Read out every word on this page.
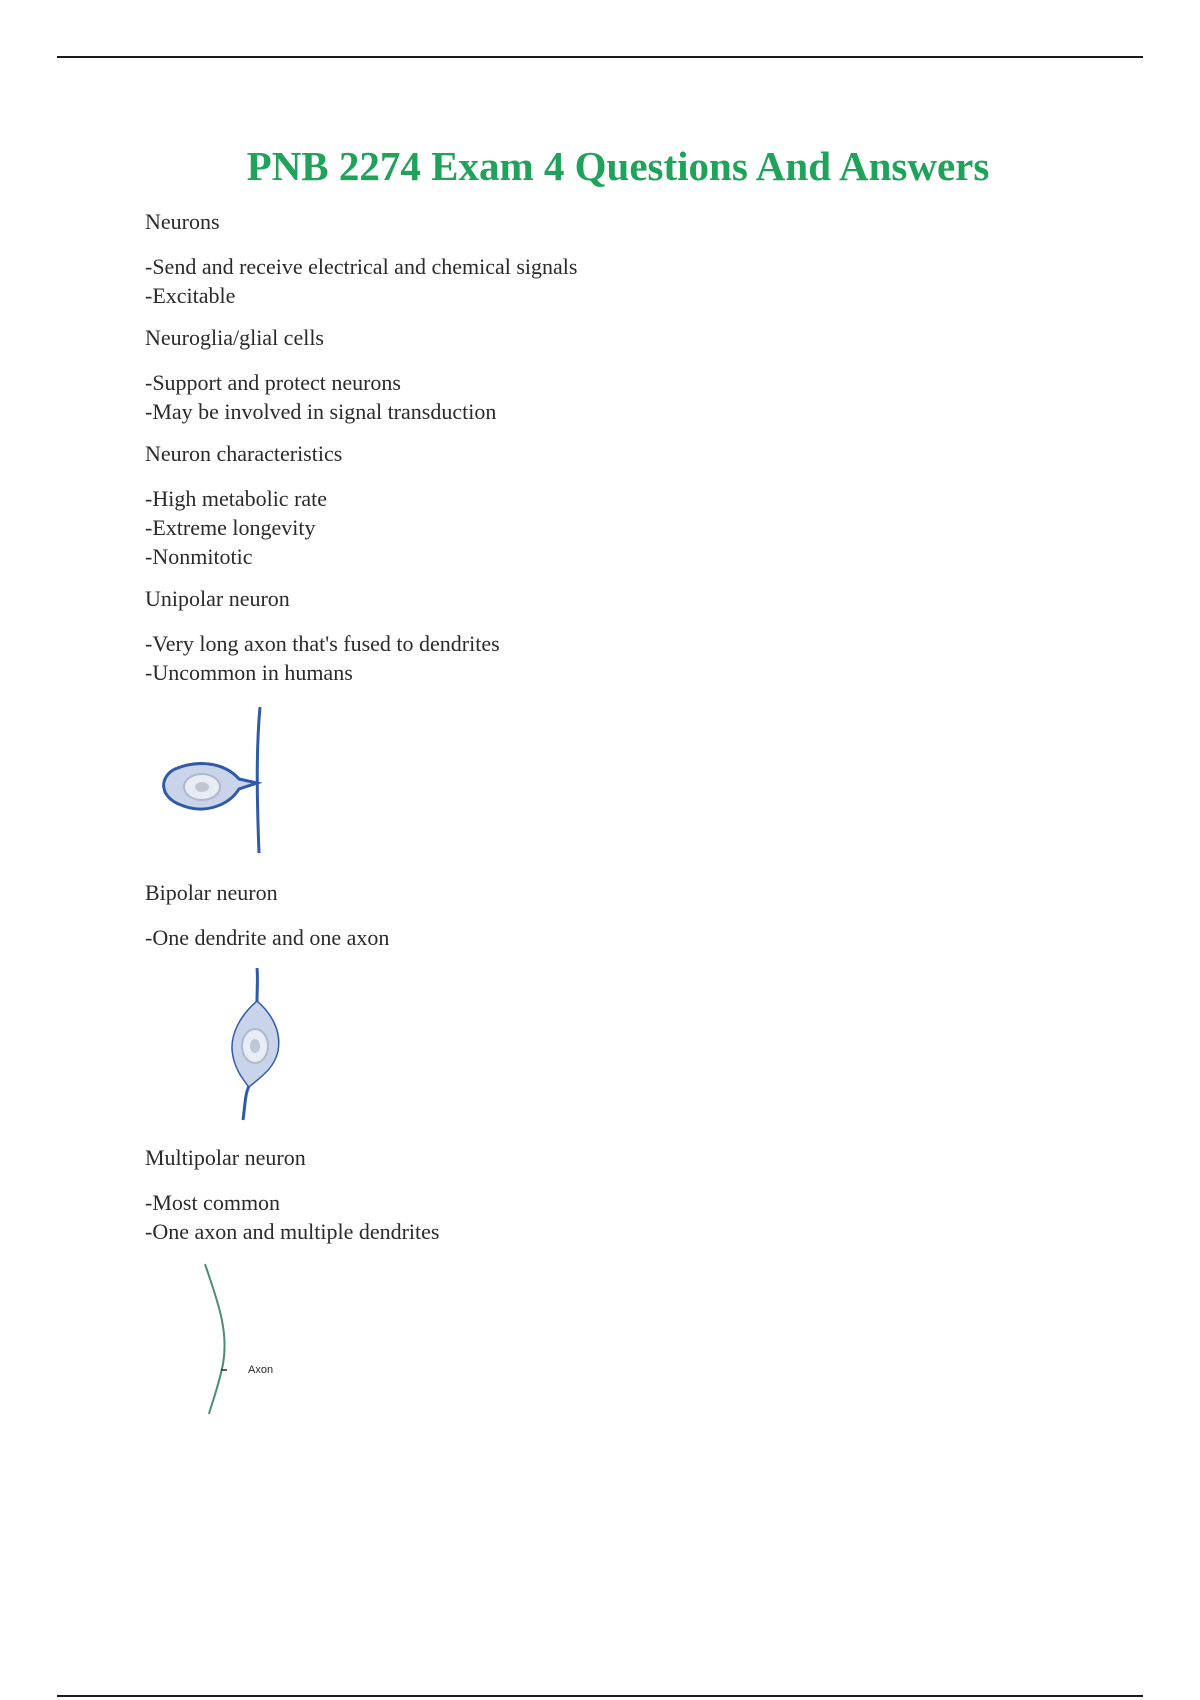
PNB 2274 Exam 4 Questions And Answers

Neurons

-Send and receive electrical and chemical signals
-Excitable

Neuroglia/glial cells

-Support and protect neurons
-May be involved in signal transduction

Neuron characteristics

-High metabolic rate
-Extreme longevity
-Nonmitotic

Unipolar neuron

-Very long axon that's fused to dendrites
-Uncommon in humans

Bipolar neuron

-One dendrite and one axon

Multipolar neuron

-Most common
-One axon and multiple dendrites
Axon
